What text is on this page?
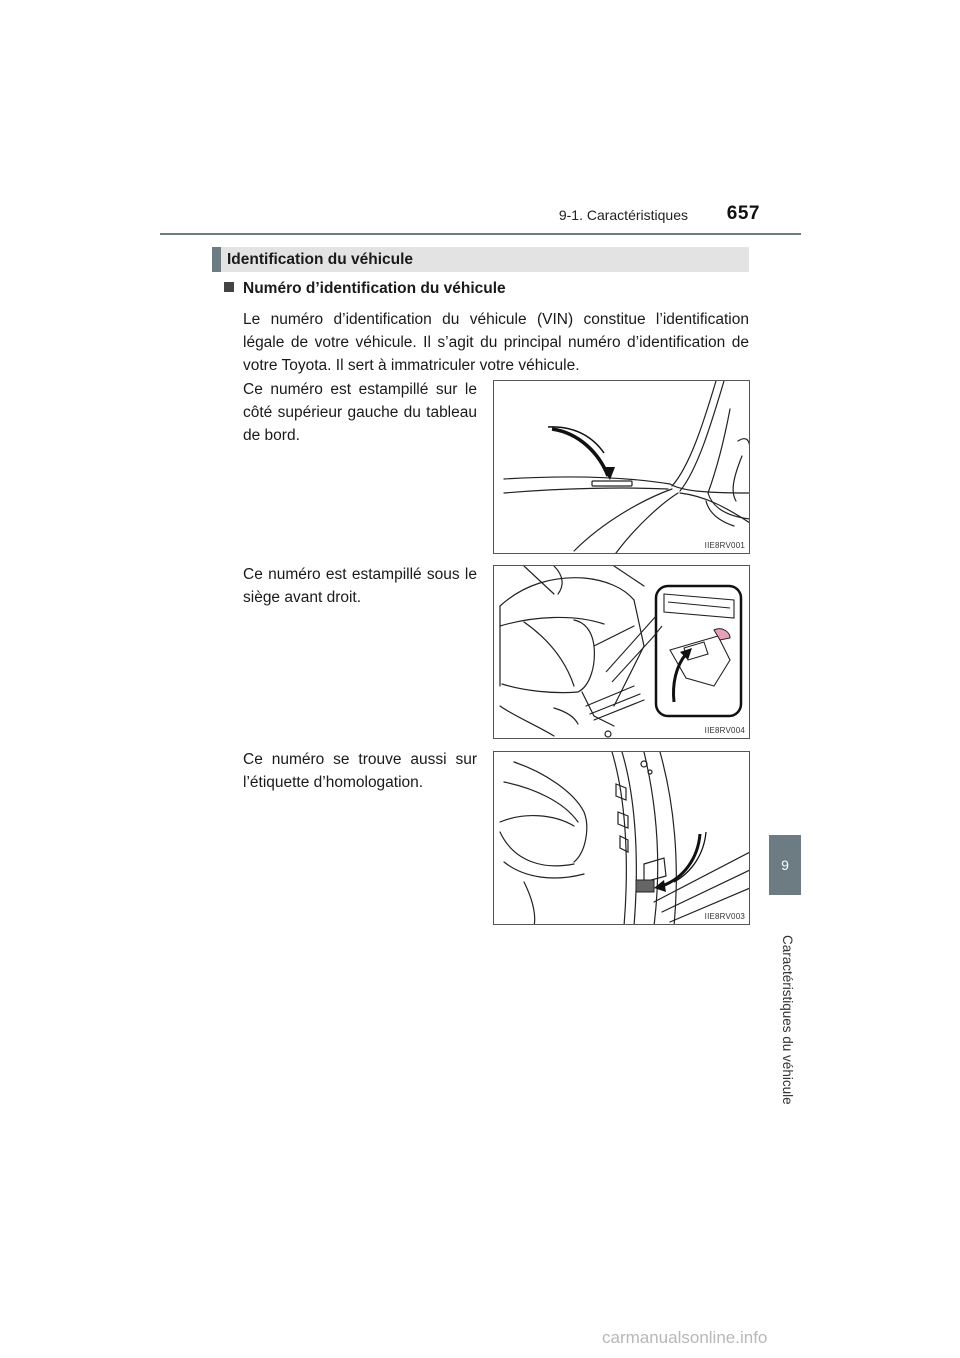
9-1. Caractéristiques 657
9
Caractéristiques du véhicule
Identification du véhicule
Numéro d’identification du véhicule

Le numéro d’identification du véhicule (VIN) constitue l’identification légale de votre véhicule. Il s’agit du principal numéro d’identification de votre Toyota. Il sert à immatriculer votre véhicule.

Ce numéro est estampillé sur le côté supérieur gauche du tableau de bord.

IIE8RV001

Ce numéro est estampillé sous le siège avant droit.

IIE8RV004

Ce numéro se trouve aussi sur l’étiquette d’homologation.

IIE8RV003
carmanualsonline.info
